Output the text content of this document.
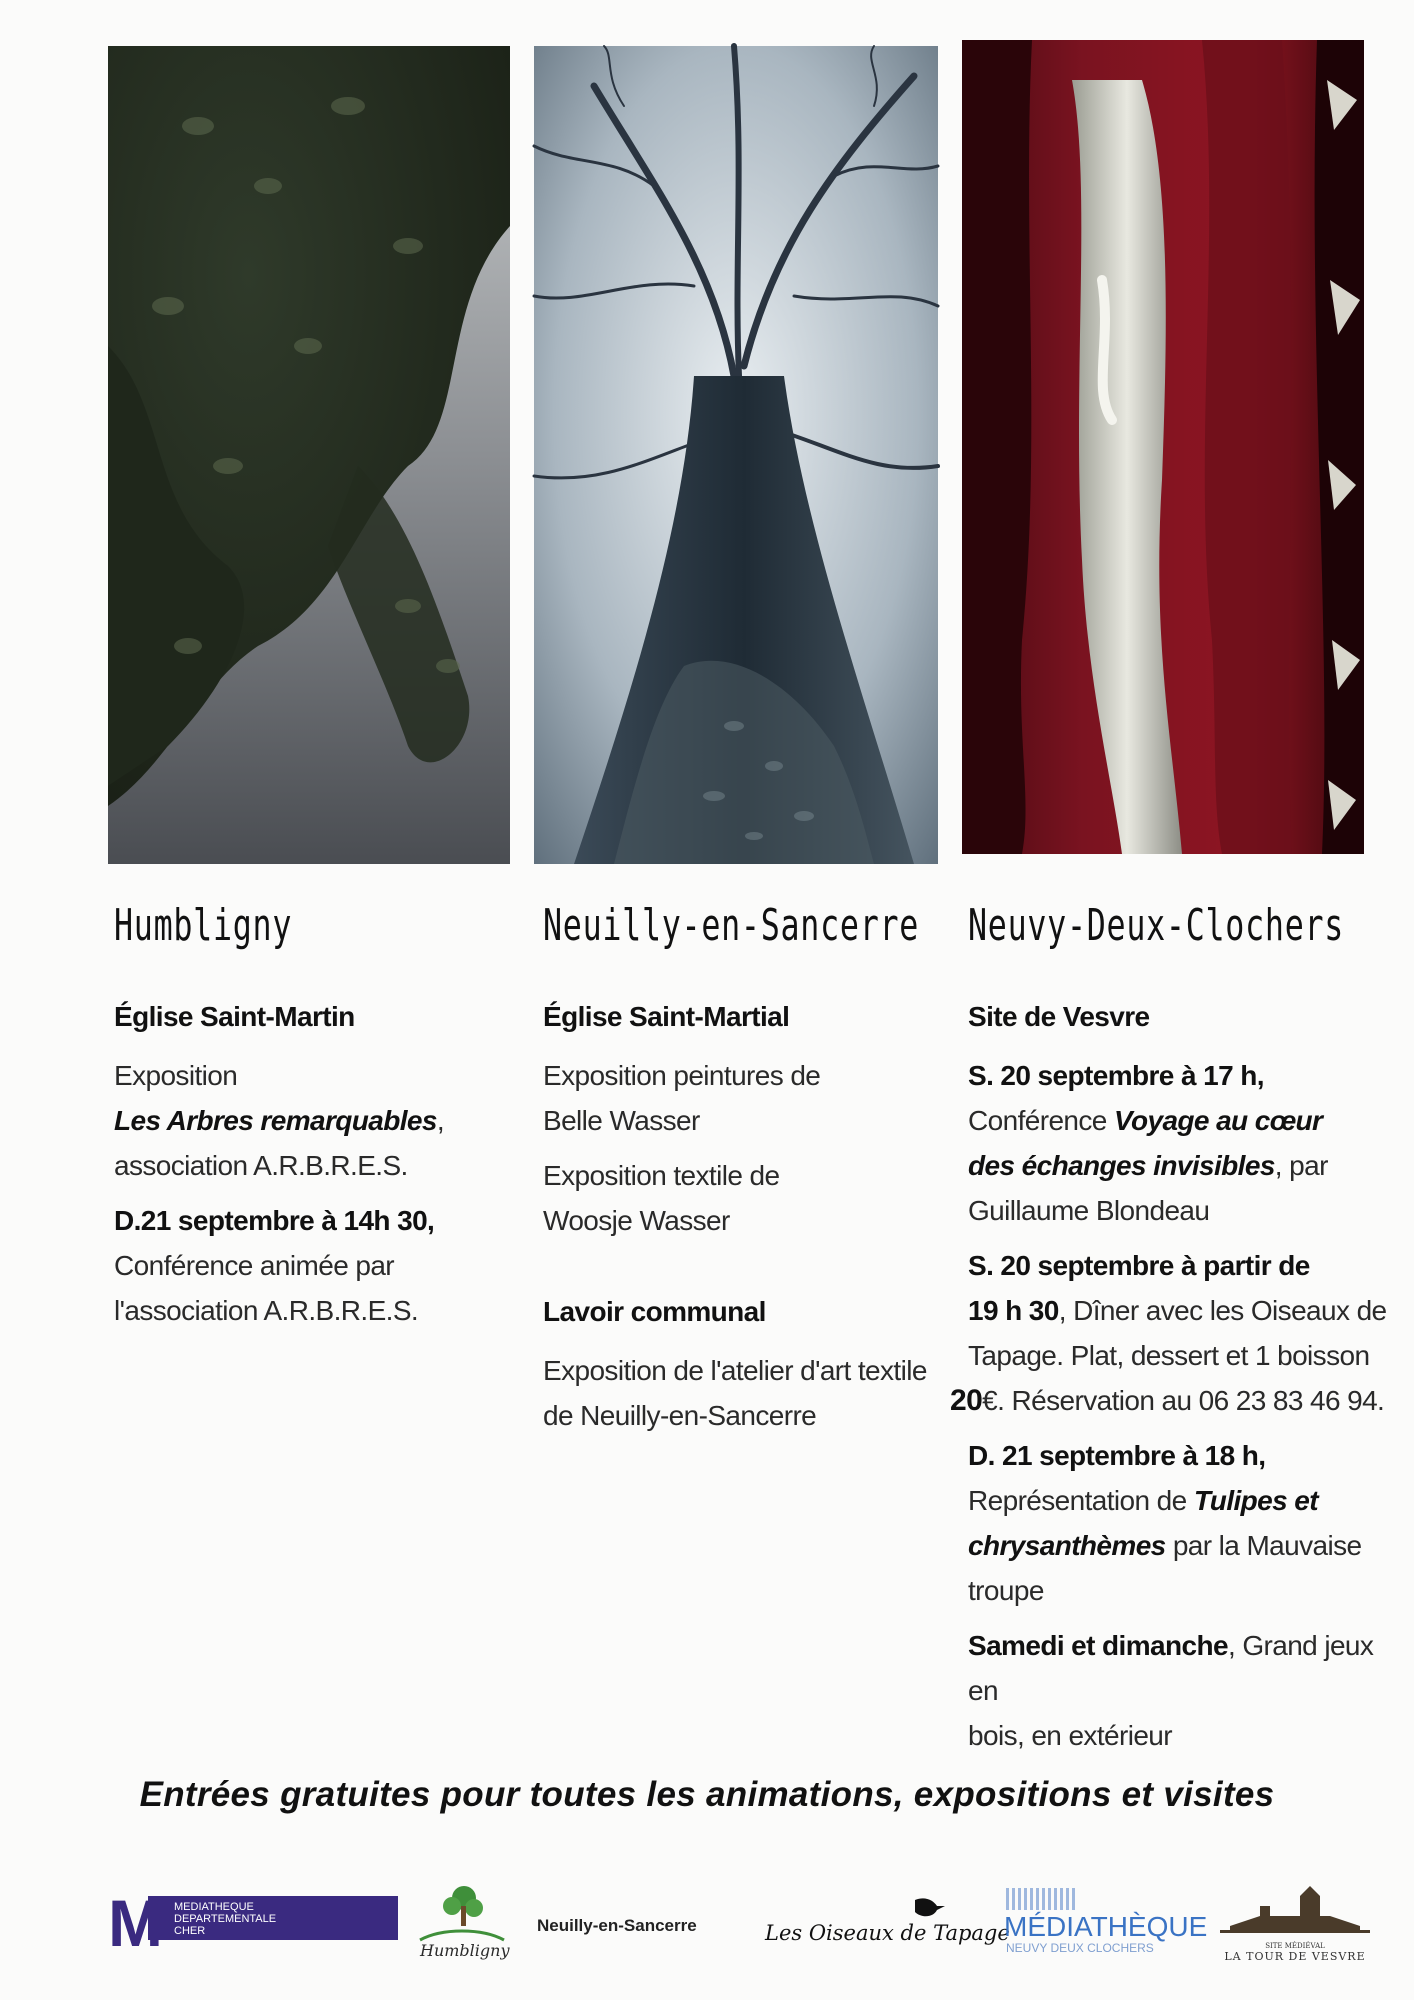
Humbligny

Église Saint-Martin

Exposition
Les Arbres remarquables,
association A.R.B.R.E.S.

D.21 septembre à 14h 30,
Conférence animée par
l'association A.R.B.R.E.S.

Neuilly-en-Sancerre

Église Saint-Martial

Exposition peintures de
Belle Wasser

Exposition textile de
Woosje Wasser

Lavoir communal

Exposition de l'atelier d'art textile
de Neuilly-en-Sancerre

Neuvy-Deux-Clochers

Site de Vesvre

S. 20 septembre à 17 h,
Conférence Voyage au cœur
des échanges invisibles, par
Guillaume Blondeau

S. 20 septembre à partir de
19 h 30, Dîner avec les Oiseaux de
Tapage. Plat, dessert et 1 boisson
20€. Réservation au 06 23 83 46 94.

D. 21 septembre à 18 h,
Représentation de Tulipes et
chrysanthèmes par la Mauvaise
troupe

Samedi et dimanche, Grand jeux en
bois, en extérieur

Entrées gratuites pour toutes les animations, expositions et visites
M MEDIATHEQUE
DEPARTEMENTALE
CHER
Humbligny
Neuilly-en-Sancerre	Les Oiseaux de Tapage
MÉDIATHÈQUE
NEUVY DEUX CLOCHERS	SITE MÉDIÉVAL
LA TOUR DE VESVRE
